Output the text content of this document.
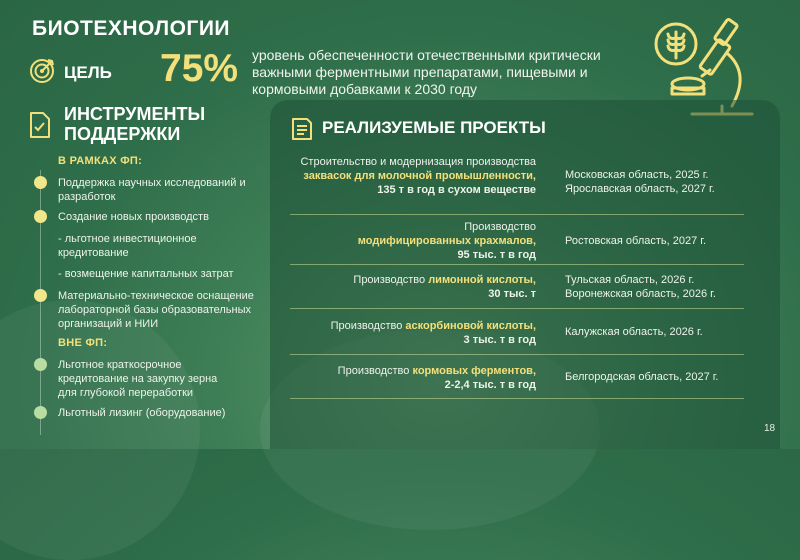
БИОТЕХНОЛОГИИ
ЦЕЛЬ 75% уровень обеспеченности отечественными критически важными ферментными препаратами, пищевыми и кормовыми добавками к 2030 году
ИНСТРУМЕНТЫ
ПОДДЕРЖКИ
В РАМКАХ ФП:
Поддержка научных исследований и разработок
Создание новых производств
- льготное инвестиционное кредитование
- возмещение капитальных затрат
Материально-техническое оснащение лабораторной базы образовательных организаций и НИИ
ВНЕ ФП:
Льготное краткосрочное кредитование на закупку зерна для глубокой переработки
Льготный лизинг (оборудование)
РЕАЛИЗУЕМЫЕ ПРОЕКТЫ
Строительство и модернизация производства заквасок для молочной промышленности,
135 т в год в сухом веществе
Московская область, 2025 г.
Ярославская область, 2027 г.
Производство
модифицированных крахмалов,
95 тыс. т в год
Ростовская область, 2027 г.
Производство лимонной кислоты,
30 тыс. т
Тульская область, 2026 г.
Воронежская область, 2026 г.
Производство аскорбиновой кислоты,
3 тыс. т в год
Калужская область, 2026 г.
Производство кормовых ферментов,
2-2,4 тыс. т в год
Белгородская область, 2027 г.
18
